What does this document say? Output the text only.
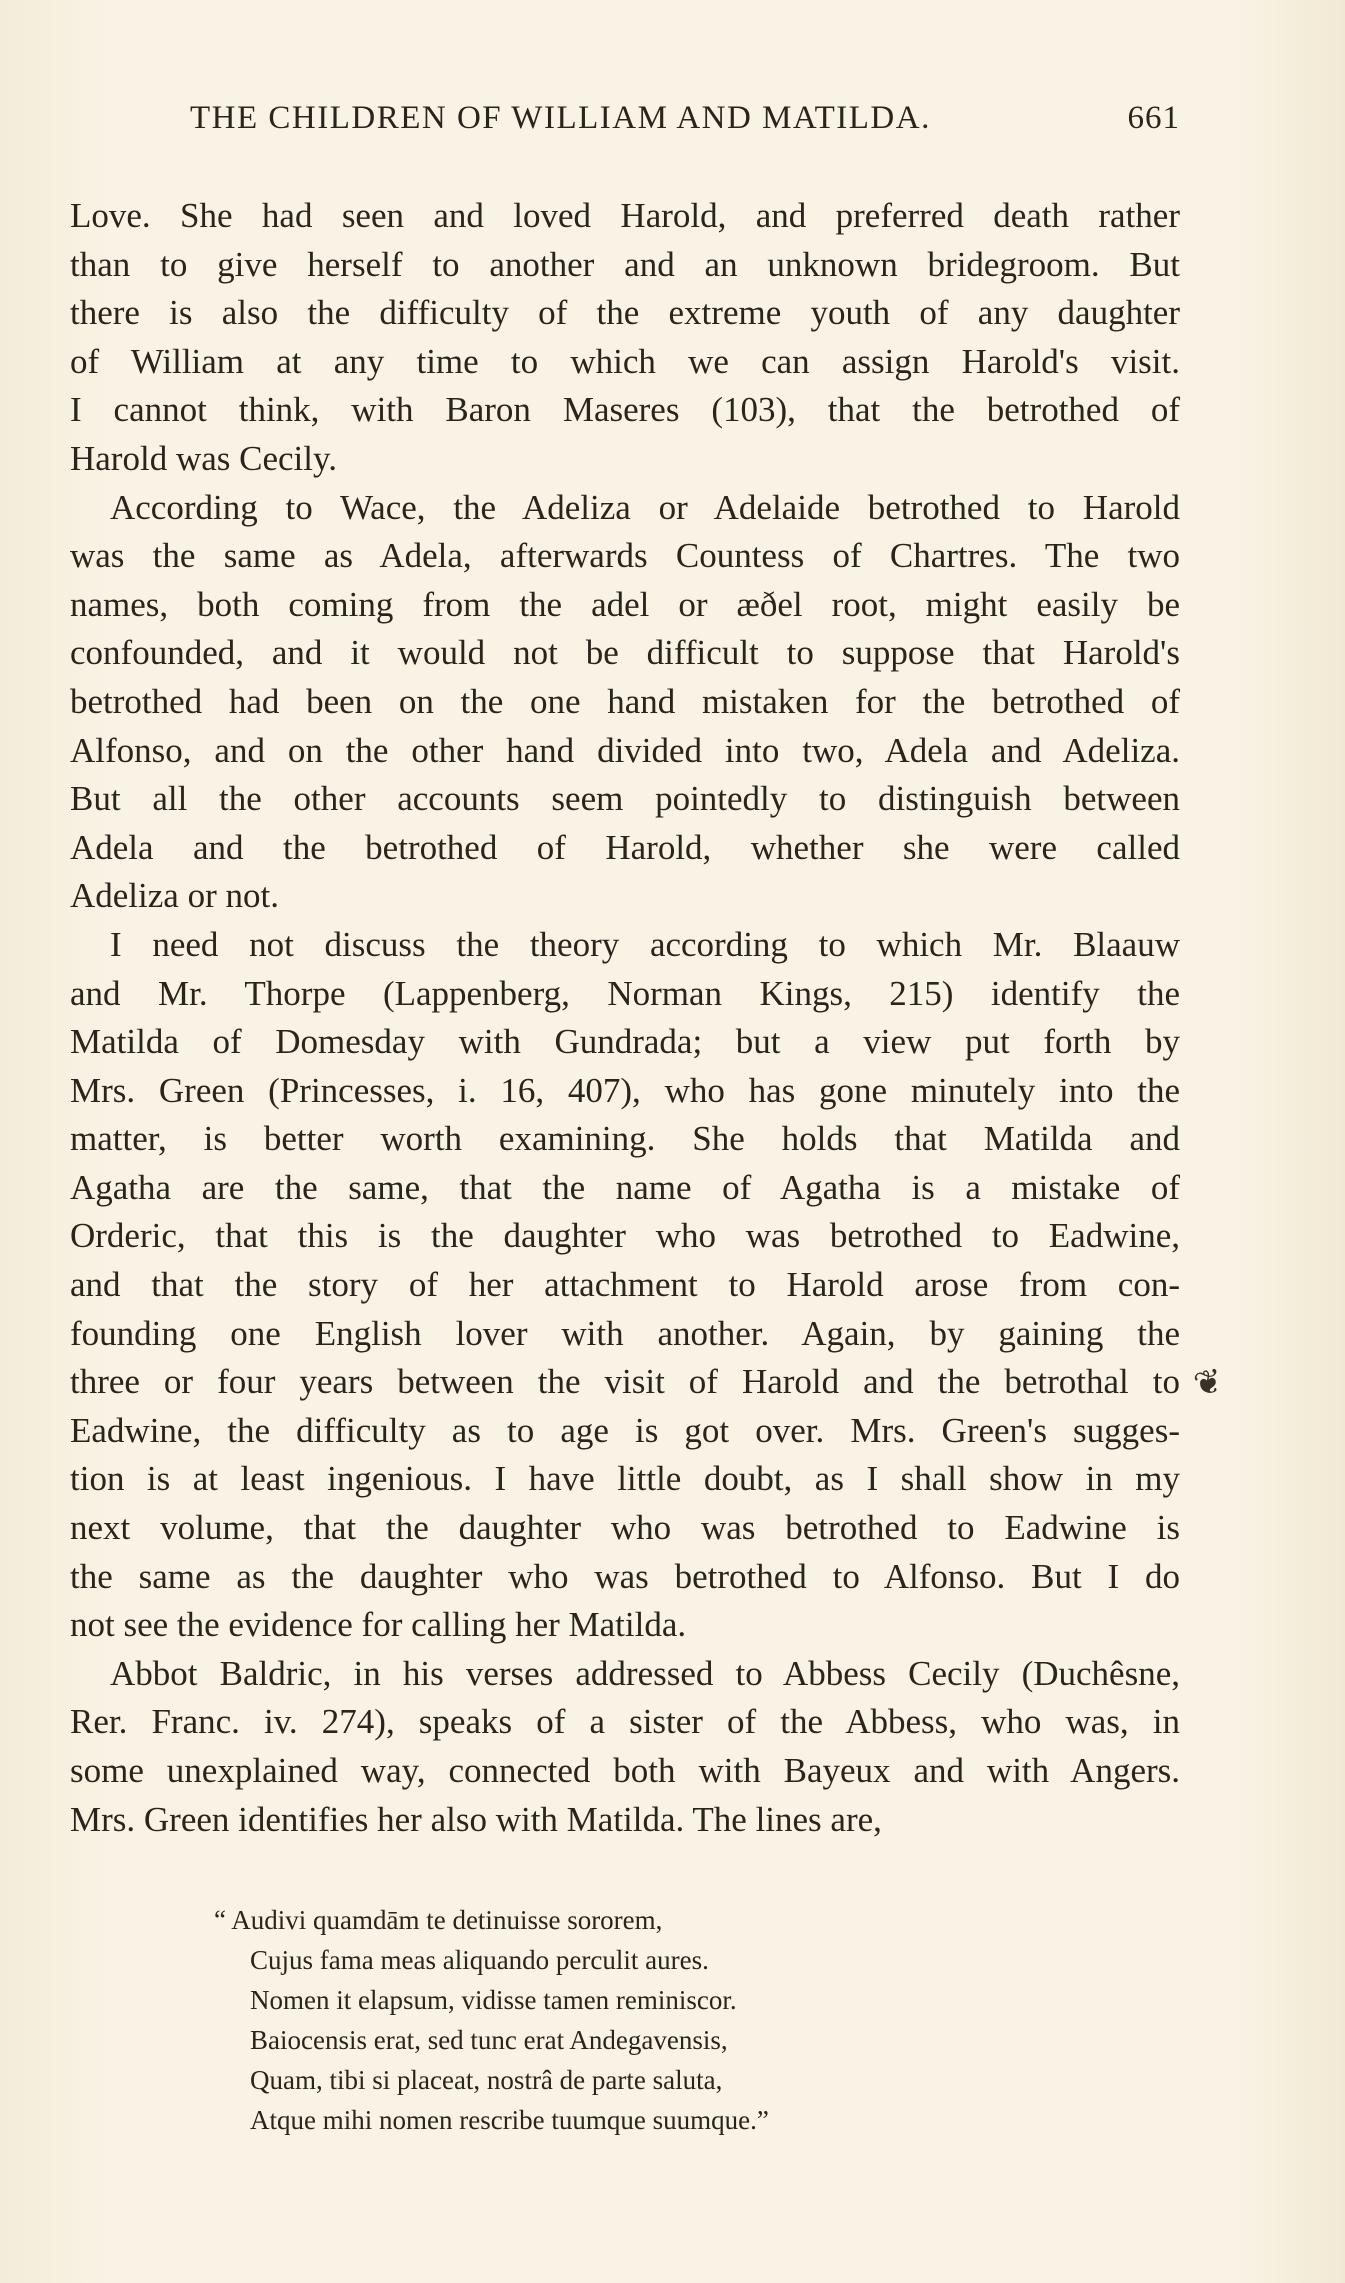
THE CHILDREN OF WILLIAM AND MATILDA.	661
Love. She had seen and loved Harold, and preferred death rather
than to give herself to another and an unknown bridegroom. But
there is also the difficulty of the extreme youth of any daughter
of William at any time to which we can assign Harold's visit.
I cannot think, with Baron Maseres (103), that the betrothed of
Harold was Cecily.
According to Wace, the Adeliza or Adelaide betrothed to Harold
was the same as Adela, afterwards Countess of Chartres. The two
names, both coming from the adel or æðel root, might easily be
confounded, and it would not be difficult to suppose that Harold's
betrothed had been on the one hand mistaken for the betrothed of
Alfonso, and on the other hand divided into two, Adela and Adeliza.
But all the other accounts seem pointedly to distinguish between
Adela and the betrothed of Harold, whether she were called
Adeliza or not.
I need not discuss the theory according to which Mr. Blaauw
and Mr. Thorpe (Lappenberg, Norman Kings, 215) identify the
Matilda of Domesday with Gundrada; but a view put forth by
Mrs. Green (Princesses, i. 16, 407), who has gone minutely into the
matter, is better worth examining. She holds that Matilda and
Agatha are the same, that the name of Agatha is a mistake of
Orderic, that this is the daughter who was betrothed to Eadwine,
and that the story of her attachment to Harold arose from con-
founding one English lover with another. Again, by gaining the
three or four years between the visit of Harold and the betrothal to
Eadwine, the difficulty as to age is got over. Mrs. Green's sugges-
tion is at least ingenious. I have little doubt, as I shall show in my
next volume, that the daughter who was betrothed to Eadwine is
the same as the daughter who was betrothed to Alfonso. But I do
not see the evidence for calling her Matilda.
Abbot Baldric, in his verses addressed to Abbess Cecily (Duchêsne,
Rer. Franc. iv. 274), speaks of a sister of the Abbess, who was, in
some unexplained way, connected both with Bayeux and with Angers.
Mrs. Green identifies her also with Matilda. The lines are,
“ Audivi quamdām te detinuisse sororem,
Cujus fama meas aliquando perculit aures.
Nomen it elapsum, vidisse tamen reminiscor.
Baiocensis erat, sed tunc erat Andegavensis,
Quam, tibi si placeat, nostrâ de parte saluta,
Atque mihi nomen rescribe tuumque suumque.”
❦
